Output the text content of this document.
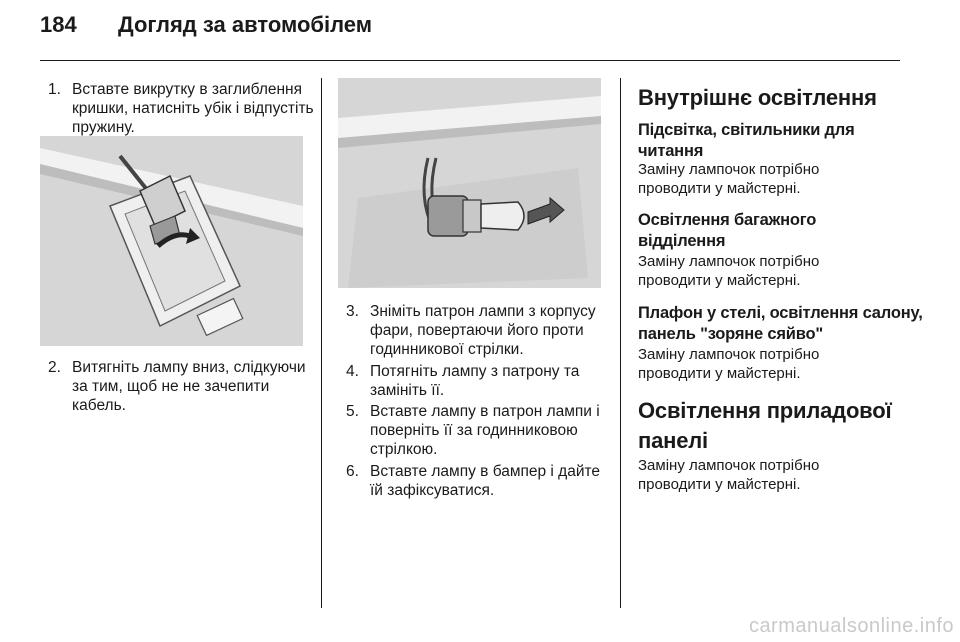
184 Догляд за автомобілем
1. Вставте викрутку в заглиблення кришки, натисніть убік і відпустіть пружину.
2. Витягніть лампу вниз, слідкуючи за тим, щоб не не зачепити кабель.
3. Зніміть патрон лампи з корпусу фари, повертаючи його проти годинникової стрілки.
4. Потягніть лампу з патрону та замініть її.
5. Вставте лампу в патрон лампи і поверніть її за годинниковою стрілкою.
6. Вставте лампу в бампер і дайте їй зафіксуватися.
Внутрішнє освітлення
Підсвітка, світильники для читання
Заміну лампочок потрібно проводити у майстерні.
Освітлення багажного відділення
Заміну лампочок потрібно проводити у майстерні.
Плафон у стелі, освітлення салону, панель "зоряне сяйво"
Заміну лампочок потрібно проводити у майстерні.
Освітлення приладової панелі
Заміну лампочок потрібно проводити у майстерні.
carmanualsonline.info
